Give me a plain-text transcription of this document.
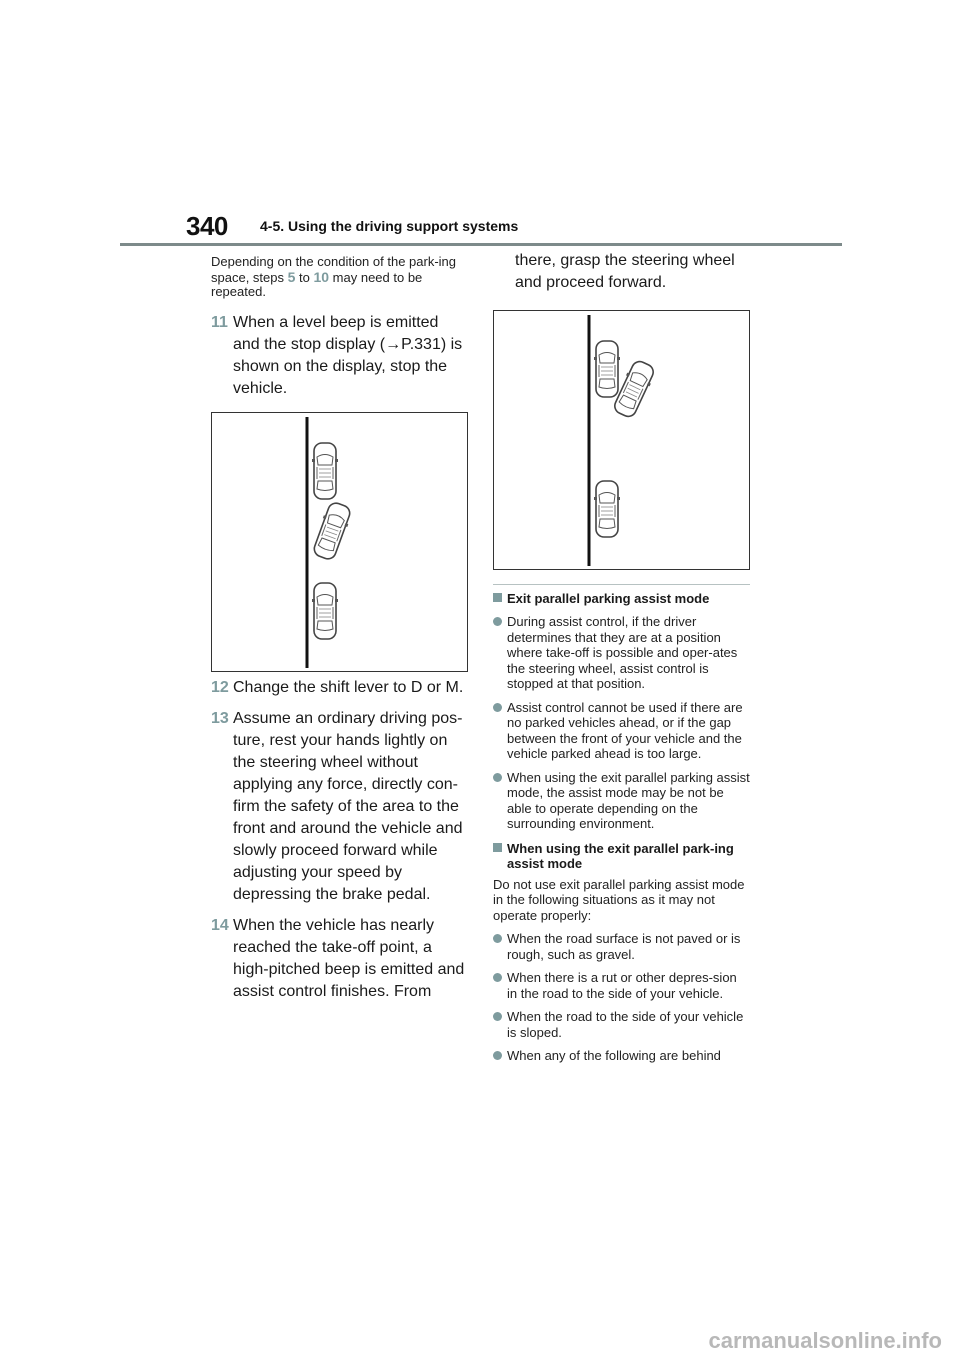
340 4-5. Using the driving support systems

Depending on the condition of the park-ing space, steps 5 to 10 may need to be repeated.

11 When a level beep is emitted and the stop display (→P.331) is shown on the display, stop the vehicle.
12 Change the shift lever to D or M.
13 Assume an ordinary driving pos-ture, rest your hands lightly on the steering wheel without applying any force, directly con-firm the safety of the area to the front and around the vehicle and slowly proceed forward while adjusting your speed by depressing the brake pedal.
14 When the vehicle has nearly reached the take-off point, a high-pitched beep is emitted and assist control finishes. From

there, grasp the steering wheel and proceed forward.

Exit parallel parking assist mode
During assist control, if the driver determines that they are at a position where take-off is possible and oper-ates the steering wheel, assist control is stopped at that position.
Assist control cannot be used if there are no parked vehicles ahead, or if the gap between the front of your vehicle and the vehicle parked ahead is too large.
When using the exit parallel parking assist mode, the assist mode may be not be able to operate depending on the surrounding environment.
When using the exit parallel park-ing assist mode

Do not use exit parallel parking assist mode in the following situations as it may not operate properly:

When the road surface is not paved or is rough, such as gravel.
When there is a rut or other depres-sion in the road to the side of your vehicle.
When the road to the side of your vehicle is sloped.
When any of the following are behind
carmanualsonline.info
